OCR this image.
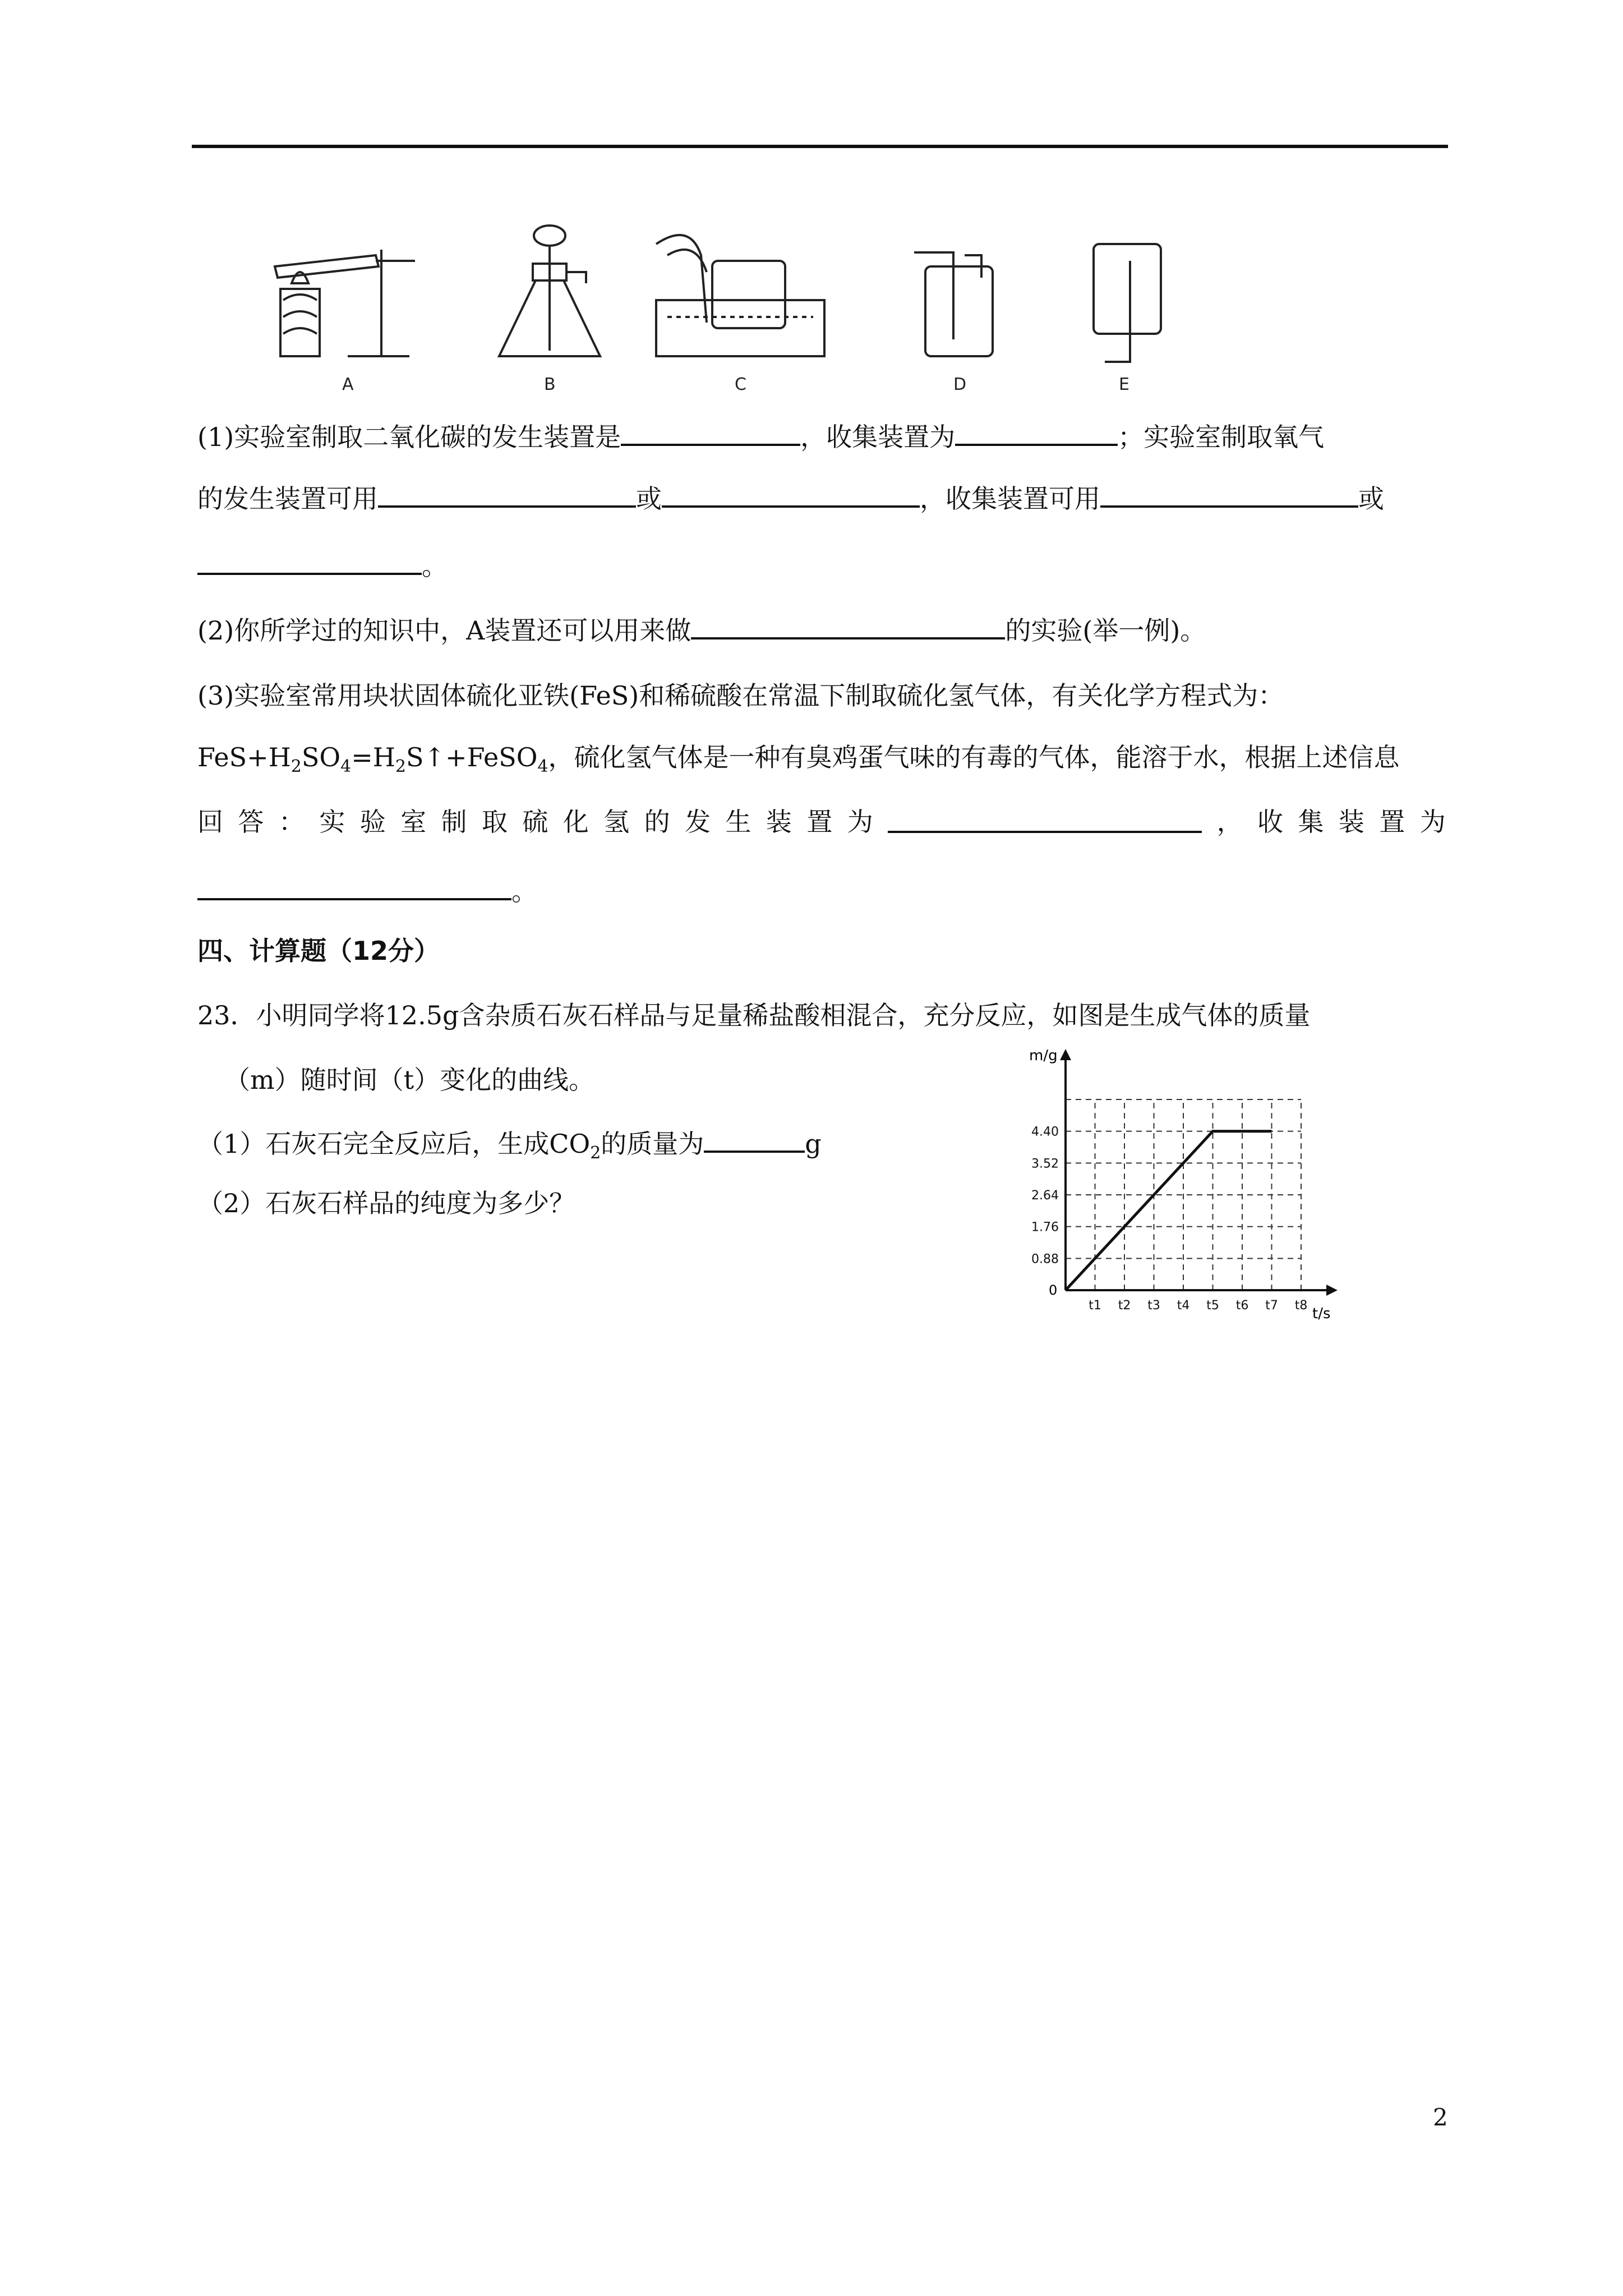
A	B	C	D	E
(1)实验室制取二氧化碳的发生装置是	，收集装置为	；实验室制取氧气
的发生装置可用	或	，收集装置可用	或
。
(2)你所学过的知识中，A装置还可以用来做	的实验(举一例)。
(3)实验室常用块状固体硫化亚铁(FeS)和稀硫酸在常温下制取硫化氢气体，有关化学方程式为：
$FeS+H_2SO_4=H_2S↑+FeSO_4$，硫化氢气体是一种有臭鸡蛋气味的有毒的气体，能溶于水，根据上述信息
回 答 ： 实 验 室 制 取 硫 化 氢 的 发 生 装 置 为	， 收 集 装 置 为
。
四、计算题（12分）
23．小明同学将12.5g含杂质石灰石样品与足量稀盐酸相混合，充分反应，如图是生成气体的质量
（m）随时间（t）变化的曲线。
（1）石灰石完全反应后，生成$CO_2$的质量为	g
（2）石灰石样品的纯度为多少？
0.88
1.76
2.64
3.52
4.40
t1 t2 t3 t4 t5 t6 t7 t8
m/g
t/s
0
2
